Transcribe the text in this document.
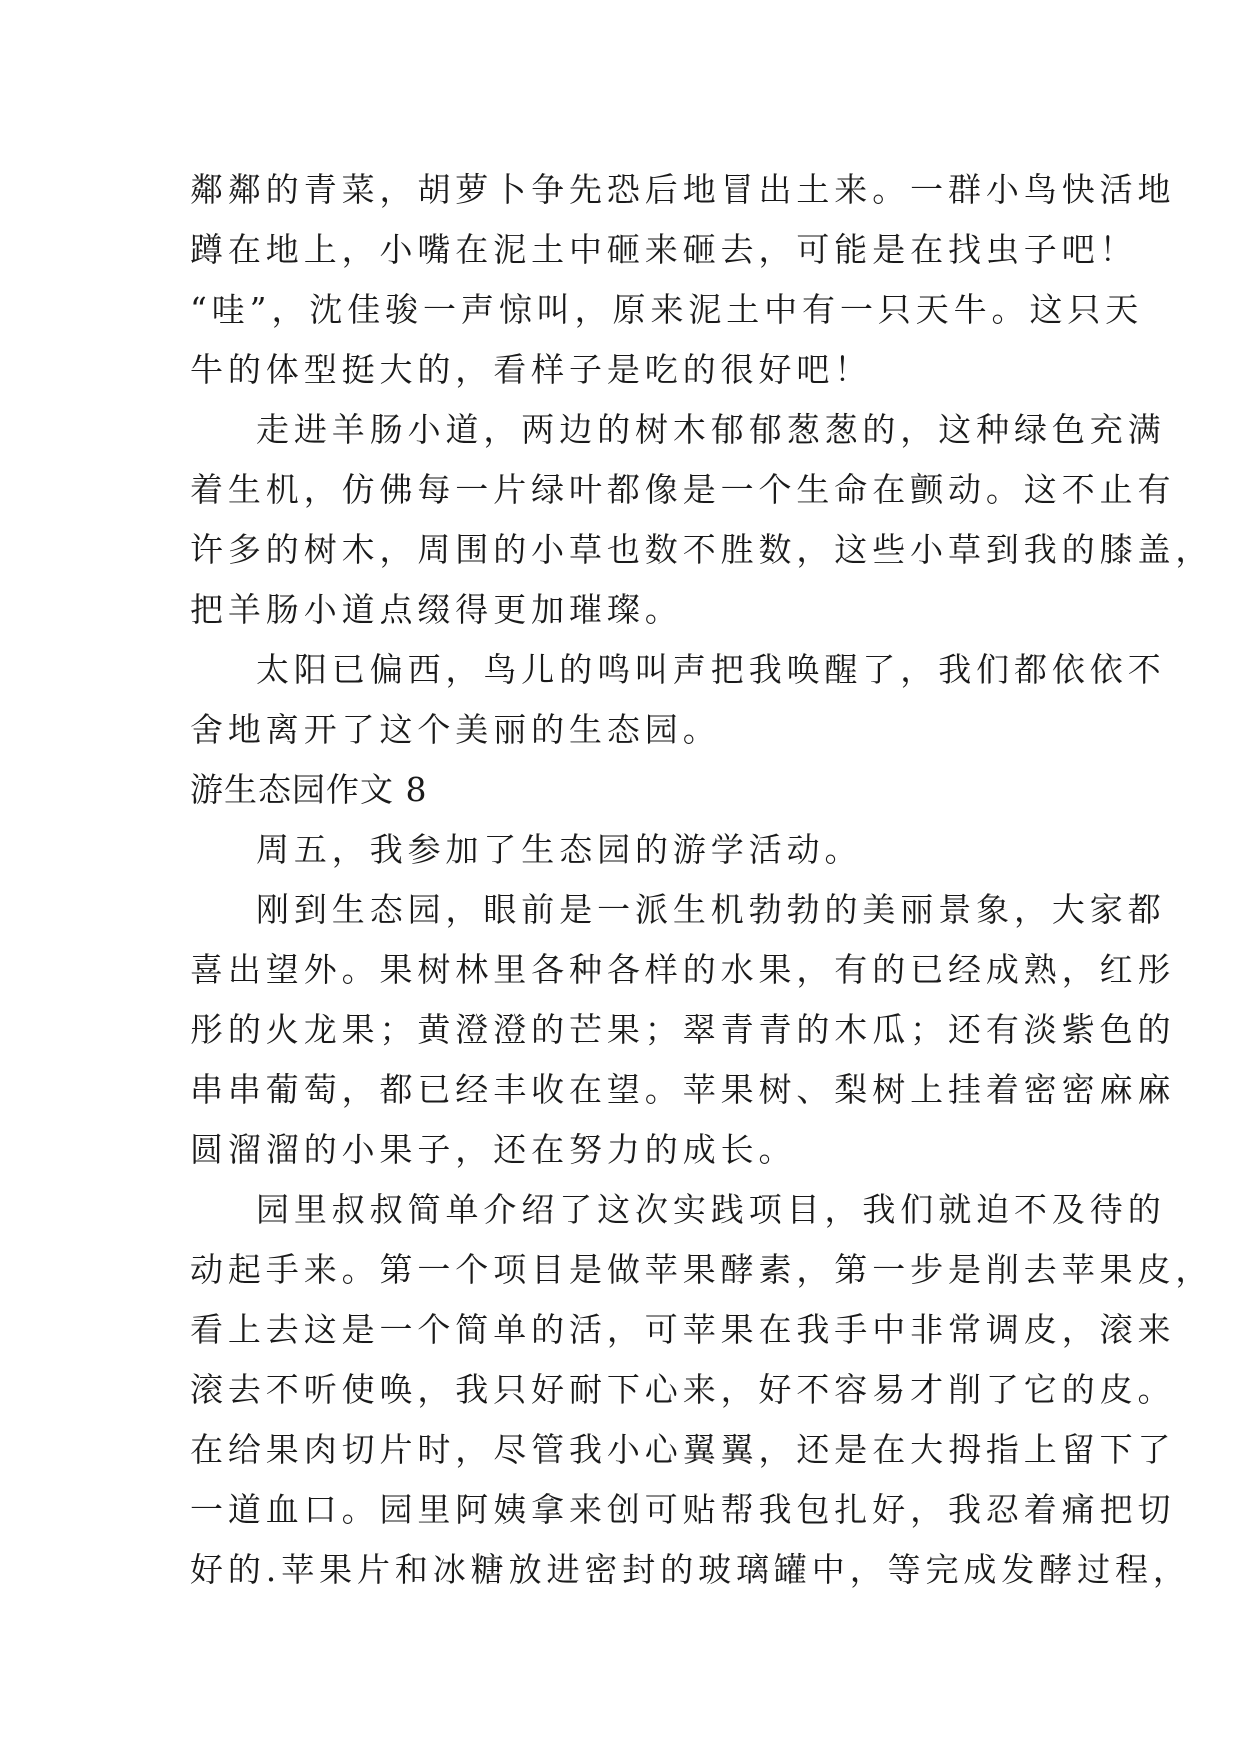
鄰鄰的青菜，胡萝卜争先恐后地冒出土来。一群小鸟快活地
蹲在地上，小嘴在泥土中砸来砸去，可能是在找虫子吧！
“哇”，沈佳骏一声惊叫，原来泥土中有一只天牛。这只天
牛的体型挺大的，看样子是吃的很好吧！
走进羊肠小道，两边的树木郁郁葱葱的，这种绿色充满
着生机，仿佛每一片绿叶都像是一个生命在颤动。这不止有
许多的树木，周围的小草也数不胜数，这些小草到我的膝盖，
把羊肠小道点缀得更加璀璨。
太阳已偏西，鸟儿的鸣叫声把我唤醒了，我们都依依不
舍地离开了这个美丽的生态园。
游生态园作文 8
周五，我参加了生态园的游学活动。
刚到生态园，眼前是一派生机勃勃的美丽景象，大家都
喜出望外。果树林里各种各样的水果，有的已经成熟，红彤
彤的火龙果；黄澄澄的芒果；翠青青的木瓜；还有淡紫色的
串串葡萄，都已经丰收在望。苹果树、梨树上挂着密密麻麻
圆溜溜的小果子，还在努力的成长。
园里叔叔简单介绍了这次实践项目，我们就迫不及待的
动起手来。第一个项目是做苹果酵素，第一步是削去苹果皮，
看上去这是一个简单的活，可苹果在我手中非常调皮，滚来
滚去不听使唤，我只好耐下心来，好不容易才削了它的皮。
在给果肉切片时，尽管我小心翼翼，还是在大拇指上留下了
一道血口。园里阿姨拿来创可贴帮我包扎好，我忍着痛把切
好的.苹果片和冰糖放进密封的玻璃罐中，等完成发酵过程，
